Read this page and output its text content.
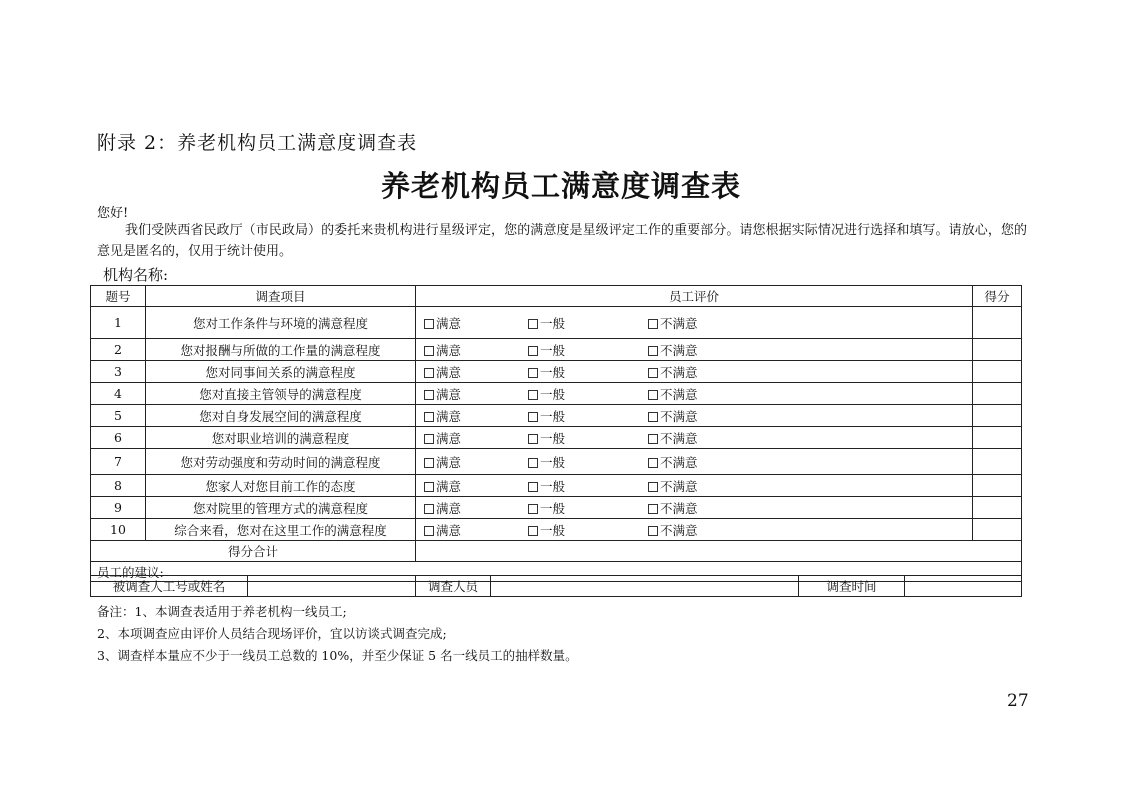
附录 2：养老机构员工满意度调查表
养老机构员工满意度调查表
您好!
我们受陕西省民政厅（市民政局）的委托来贵机构进行星级评定，您的满意度是星级评定工作的重要部分。请您根据实际情况进行选择和填写。请放心，您的意见是匿名的，仅用于统计使用。
机构名称:
题号	调查项目	员工评价	得分
1	您对工作条件与环境的满意程度	满意 一般 不满意	

2	您对报酬与所做的工作量的满意程度	满意 一般 不满意	

3	您对同事间关系的满意程度	满意 一般 不满意	

4	您对直接主管领导的满意程度	满意 一般 不满意	

5	您对自身发展空间的满意程度	满意 一般 不满意	

6	您对职业培训的满意程度	满意 一般 不满意	

7	您对劳动强度和劳动时间的满意程度	满意 一般 不满意	

8	您家人对您目前工作的态度	满意 一般 不满意	

9	您对院里的管理方式的满意程度	满意 一般 不满意	

10	综合来看，您对在这里工作的满意程度	满意 一般 不满意	

得分合计			
员工的建议:			
被调查人工号或姓名		调查人员		调查时间	
备注：1、本调查表适用于养老机构一线员工;
2、本项调查应由评价人员结合现场评价，宜以访谈式调查完成;
3、调查样本量应不少于一线员工总数的 10%，并至少保证 5 名一线员工的抽样数量。
27
